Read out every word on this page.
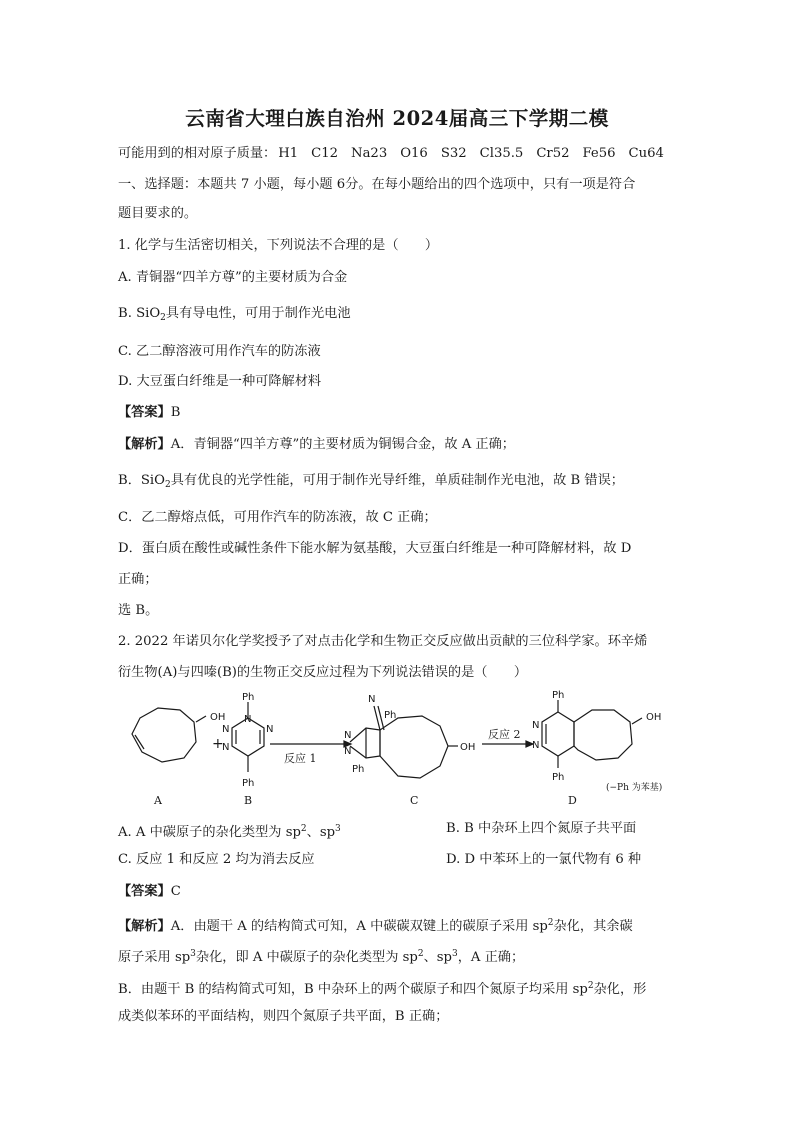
云南省大理白族自治州 2024届高三下学期二模
可能用到的相对原子质量： H1 C12 Na23 O16 S32 Cl35.5 Cr52 Fe56 Cu64
一、选择题：本题共 7 小题，每小题 6分。在每小题给出的四个选项中，只有一项是符合
题目要求的。
1. 化学与生活密切相关，下列说法不合理的是（　　）
A. 青铜器“四羊方尊”的主要材质为合金
B. SiO$_2$具有导电性，可用于制作光电池
C. 乙二醇溶液可用作汽车的防冻液
D. 大豆蛋白纤维是一种可降解材料
【答案】B
【解析】A．青铜器“四羊方尊”的主要材质为铜锡合金，故 A 正确；
B．SiO$_2$具有优良的光学性能，可用于制作光导纤维，单质硅制作光电池，故 B 错误；
C．乙二醇熔点低，可用作汽车的防冻液，故 C 正确；
D．蛋白质在酸性或碱性条件下能水解为氨基酸，大豆蛋白纤维是一种可降解材料，故 D
正确；
选 B。
2. 2022 年诺贝尔化学奖授予了对点击化学和生物正交反应做出贡献的三位科学家。环辛烯
衍生物(A)与四嗪(B)的生物正交反应过程为下列说法错误的是（　　）
OH
+
Ph
Ph
N
N
N
N
反应 1
N
Ph
N
N
Ph
OH
反应 2
Ph
N
N
Ph
OH
A	B	C	D
(−Ph 为苯基)
A. A 中碳原子的杂化类型为 $sp^2$、$sp^3$	B. B 中杂环上四个氮原子共平面
C. 反应 1 和反应 2 均为消去反应	D. D 中苯环上的一氯代物有 6 种
【答案】C
【解析】A．由题干 A 的结构简式可知，A 中碳碳双键上的碳原子采用 $sp^2$杂化，其余碳
原子采用 $sp^3$杂化，即 A 中碳原子的杂化类型为 $sp^2$、$sp^3$，A 正确；
B．由题干 B 的结构简式可知，B 中杂环上的两个碳原子和四个氮原子均采用 $sp^2$杂化，形
成类似苯环的平面结构，则四个氮原子共平面，B 正确；
